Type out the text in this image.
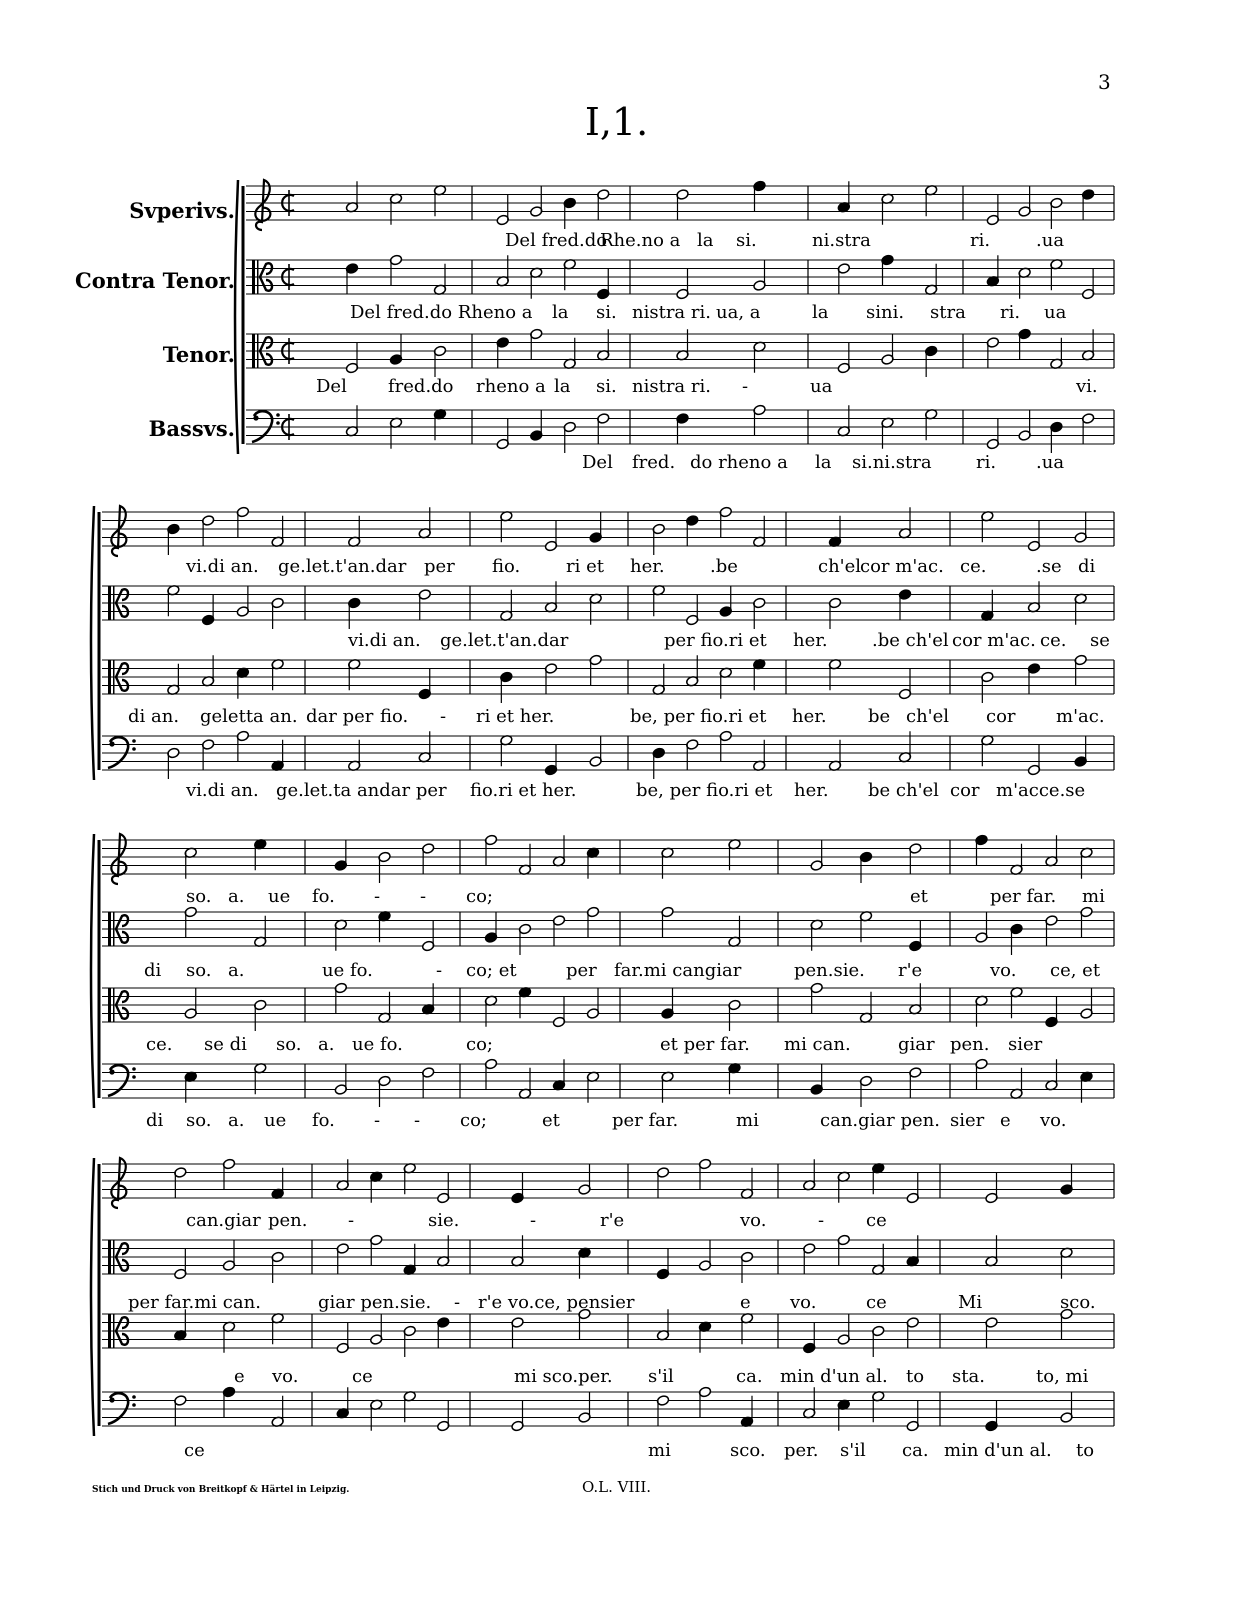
3
I,1.
Svperivs.
Contra Tenor.
Tenor.
Bassvs.
Del fred.do
Rhe.no a la si.	ni.stra	ri.	.ua
Del fred.do Rheno a la si. nistra ri. ua, a	la sini. stra ri. ua
Del fred.do rheno a la si. nistra ri. -	ua	vi.
Del fred. do rheno a la si.ni.stra ri. .ua
vi.di an. ge.let.t'an.dar per fio.	ri et her.	.be	ch'el
cor m'ac. ce.	.se di
vi.di an. ge.let.t'an.dar	per fio.ri et her. .be ch'el cor m'ac. ce. se
di an. geletta an. dar per fio. - ri et her.	be, per fio.ri et her. be ch'el cor m'ac.
vi.di an. ge.let.ta andar per fio.ri et her.	be, per fio.ri et her. be ch'el cor m'acce.se
so. a. ue fo. - - co;	et	per far. mi
di so. a.	ue fo.	- co; et	per far.mi cangiar	pen.sie. r'e	vo. ce, et
ce. se di so. a. ue fo.	co;	et per far. mi can.	giar pen. sier
di so. a. ue fo. - - co;	et	per far.	mi	can.giar pen. sier e vo.
can.giar pen. -	sie.	-	r'e	vo.	- ce
per far.mi can.	giar pen.sie. - r'e vo.ce, pensier	e vo.	ce	Mi	sco.
e vo.	ce	mi sco.per. s'il	ca. min d'un al. to sta.	to, mi
ce	mi	sco. per. s'il ca. min d'un al. to
Stich und Druck von Breitkopf & Härtel in Leipzig.	O.L. VIII.
